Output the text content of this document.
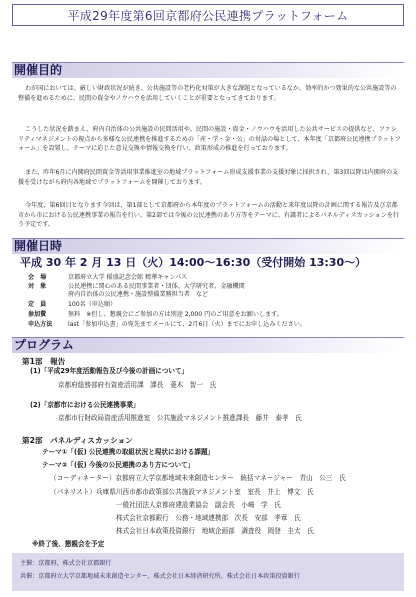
平成29年度第6回京都府公民連携プラットフォーム
開催目的

わが国においては、厳しい財政状況が続き、公共施設等の老朽化対策が大きな課題となっているなか、効率的かつ効果的な公共施設等の整備を進めるために、民間の資金やノウハウを活用していくことが重要となってきております。

こうした状況を踏まえ、府内自治体の公共施設の民間活用や、民間の施設・資金・ノウハウを活用した公共サービスの提供など、ファシリティマネジメントの視点から多様な公民連携を推進するための「産・学・金・公」の対話の場として、本年度「京都府公民連携プラットフォーム」を設置し、テーマに応じた意見交換や情報交換を行い、政策形成の推進を行っております。

また、昨年6月に内閣府民間資金等活用事業推進室の地域プラットフォーム形成支援事業の支援対象に採択され、第3回以降は内閣府の支援を受けながら府内各地域でプラットフォームを開催しております。

今年度、第6回目となります今回は、第1部として京都府から本年度のプラットフォームの活動と来年度以降の計画に関する報告及び京都市から市における公民連携事業の報告を行い、第2部では今後の公民連携のあり方等をテーマに、有識者によるパネルディスカッションを行う予定です。

開催日時
平成 30 年 2 月 13 日（火）14:00〜16:30（受付開始 13:30〜）
会　場	京都府立大学 稲盛記念会館 精華キャンパス
対　象	公民連携に関心のある民間事業者・団体、大学研究者、金融機関
府内自治体の公民連携・施設整備業務担当者　など
定　員	100名（申込順）
参加費	無料　※但し、懇親会にご参加の方は別途 2,000 円のご用意をお願いします。
申込方法	last「参加申込書」の宛先までメールにて、2月6日（火）までにお申し込みください。
プログラム
第1部　報告
(1)「平成29年度活動報告及び今後の計画について」
京都府総務部府有資産活用課　課長　菱木　智一　氏
(2)「京都市における公民連携事業」
京都市行財政局資産活用推進室　公共施設マネジメント推進課長　藤井　泰孝　氏
第2部　パネルディスカッション
テーマ①「(仮) 公民連携の取組状況と現状における課題」
テーマ②「(仮) 今後の公民連携のあり方について」
（コーディネーター）京都府立大学京都地域未来創造センター　統括マネージャー　青山　公三　氏
（パネリスト）兵庫県川西市都市政策部公共施設マネジメント室　室長　井上　博文　氏
一般社団法人京都府建設業協会　副会長　小崎　学　氏
株式会社京都銀行　公務・地域連携部　次長　安部　孝章　氏
株式会社日本政策投資銀行　地域企画部　調査役　岡登　圭太　氏
※終了後、懇親会を予定
主催：京都府、株式会社京都銀行
共催：京都府立大学京都地域未来創造センター、株式会社日本経済研究所、株式会社日本政策投資銀行
